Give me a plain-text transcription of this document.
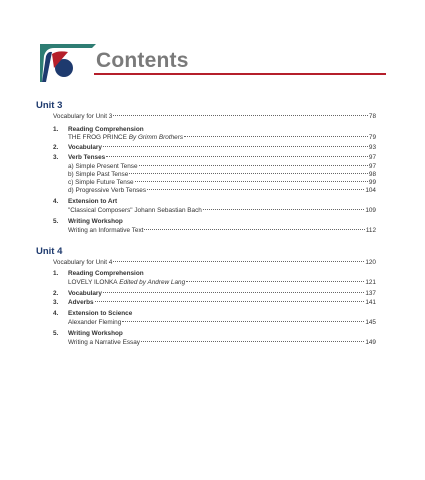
Contents
Unit 3
Vocabulary for Unit 3	78
1. Reading Comprehension
THE FROG PRINCE By Grimm Brothers	79
2. Vocabulary	93
3. Verb Tenses	97
a) Simple Present Tense	97
b) Simple Past Tense	98
c) Simple Future Tense	99
d) Progressive Verb Tenses	104
4. Extension to Art
"Classical Composers" Johann Sebastian Bach	109
5. Writing Workshop
Writing an Informative Text	112
Unit 4
Vocabulary for Unit 4	120
1. Reading Comprehension
LOVELY ILONKA Edited by Andrew Lang	121
2. Vocabulary	137
3. Adverbs	141
4. Extension to Science
Alexander Fleming	145
5. Writing Workshop
Writing a Narrative Essay	149
